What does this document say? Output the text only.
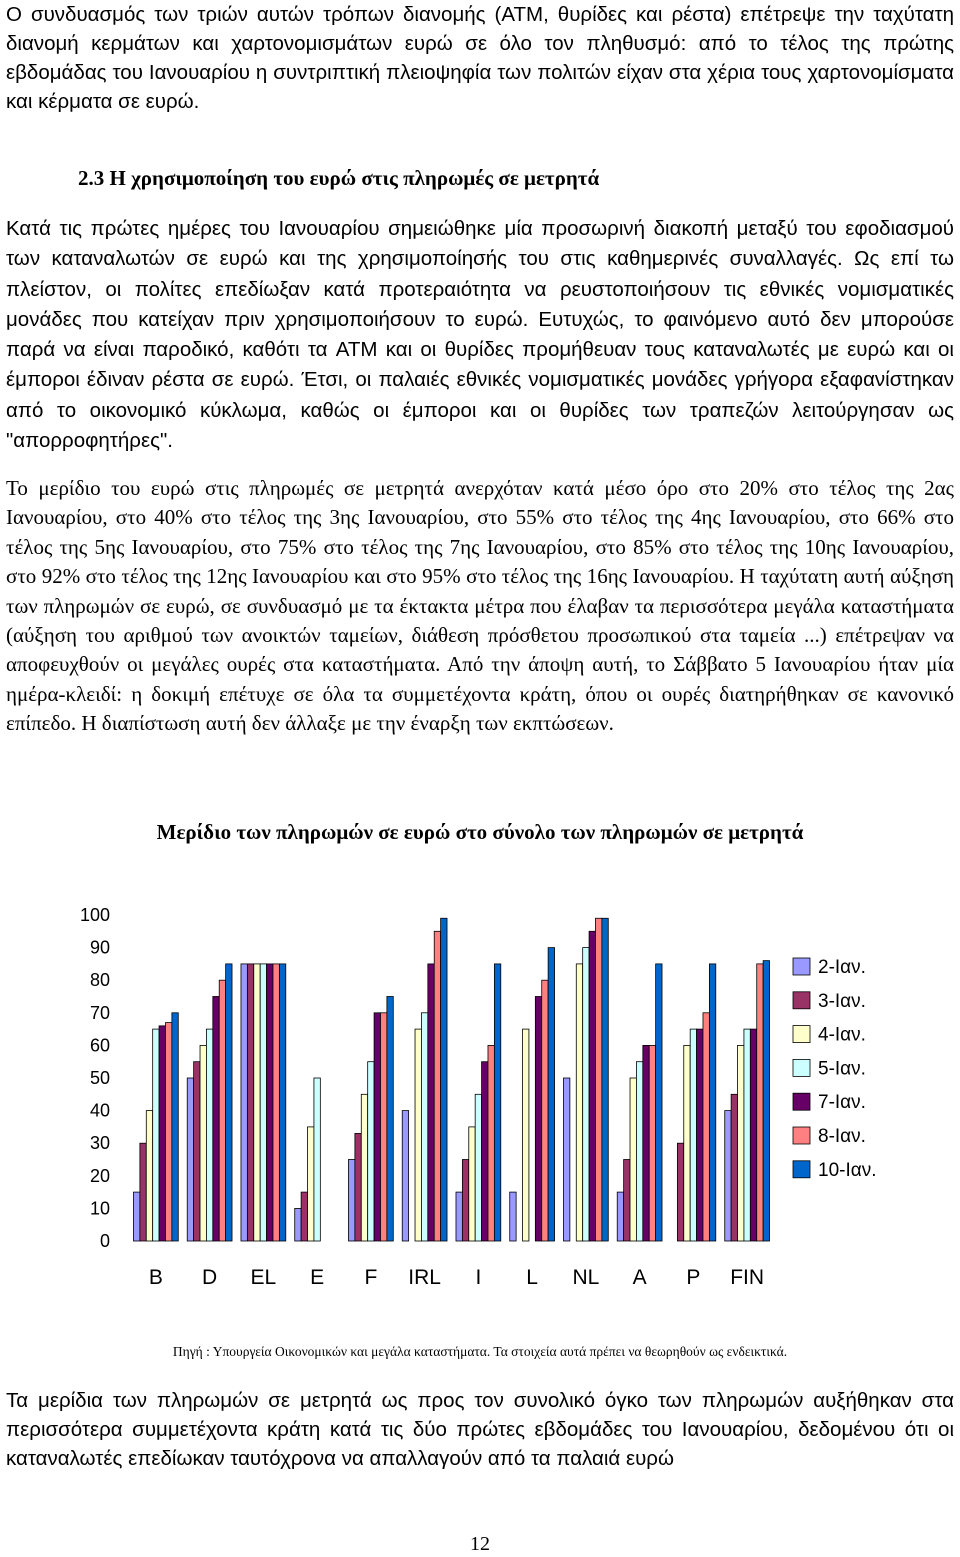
Ο συνδυασμός των τριών αυτών τρόπων διανομής (ATM, θυρίδες και ρέστα) επέτρεψε την ταχύτατη διανομή κερμάτων και χαρτονομισμάτων ευρώ σε όλο τον πληθυσμό: από το τέλος της πρώτης εβδομάδας του Ιανουαρίου η συντριπτική πλειοψηφία των πολιτών είχαν στα χέρια τους χαρτονομίσματα και κέρματα σε ευρώ.

2.3 Η χρησιμοποίηση του ευρώ στις πληρωμές σε μετρητά

Κατά τις πρώτες ημέρες του Ιανουαρίου σημειώθηκε μία προσωρινή διακοπή μεταξύ του εφοδιασμού των καταναλωτών σε ευρώ και της χρησιμοποίησής του στις καθημερινές συναλλαγές. Ως επί τω πλείστον, οι πολίτες επεδίωξαν κατά προτεραιότητα να ρευστοποιήσουν τις εθνικές νομισματικές μονάδες που κατείχαν πριν χρησιμοποιήσουν το ευρώ. Ευτυχώς, το φαινόμενο αυτό δεν μπορούσε παρά να είναι παροδικό, καθότι τα ATM και οι θυρίδες προμήθευαν τους καταναλωτές με ευρώ και οι έμποροι έδιναν ρέστα σε ευρώ. Έτσι, οι παλαιές εθνικές νομισματικές μονάδες γρήγορα εξαφανίστηκαν από το οικονομικό κύκλωμα, καθώς οι έμποροι και οι θυρίδες των τραπεζών λειτούργησαν ως "απορροφητήρες".

Το μερίδιο του ευρώ στις πληρωμές σε μετρητά ανερχόταν κατά μέσο όρο στο 20% στο τέλος της 2ας Ιανουαρίου, στο 40% στο τέλος της 3ης Ιανουαρίου, στο 55% στο τέλος της 4ης Ιανουαρίου, στο 66% στο τέλος της 5ης Ιανουαρίου, στο 75% στο τέλος της 7ης Ιανουαρίου, στο 85% στο τέλος της 10ης Ιανουαρίου, στο 92% στο τέλος της 12ης Ιανουαρίου και στο 95% στο τέλος της 16ης Ιανουαρίου. Η ταχύτατη αυτή αύξηση των πληρωμών σε ευρώ, σε συνδυασμό με τα έκτακτα μέτρα που έλαβαν τα περισσότερα μεγάλα καταστήματα (αύξηση του αριθμού των ανοικτών ταμείων, διάθεση πρόσθετου προσωπικού στα ταμεία ...) επέτρεψαν να αποφευχθούν οι μεγάλες ουρές στα καταστήματα. Από την άποψη αυτή, το Σάββατο 5 Ιανουαρίου ήταν μία ημέρα-κλειδί: η δοκιμή επέτυχε σε όλα τα συμμετέχοντα κράτη, όπου οι ουρές διατηρήθηκαν σε κανονικό επίπεδο. Η διαπίστωση αυτή δεν άλλαξε με την έναρξη των εκπτώσεων.

Μερίδιο των πληρωμών σε ευρώ στο σύνολο των πληρωμών σε μετρητά
0
10
20
30
40
50
60
70
80
90
100
B D EL E F IRL I L NL A P FIN
2-Ιαν.
3-Ιαν.
4-Ιαν.
5-Ιαν.
7-Ιαν.
8-Ιαν.
10-Ιαν.

Πηγή : Υπουργεία Οικονομικών και μεγάλα καταστήματα. Τα στοιχεία αυτά πρέπει να θεωρηθούν ως ενδεικτικά.

Τα μερίδια των πληρωμών σε μετρητά ως προς τον συνολικό όγκο των πληρωμών αυξήθηκαν στα περισσότερα συμμετέχοντα κράτη κατά τις δύο πρώτες εβδομάδες του Ιανουαρίου, δεδομένου ότι οι καταναλωτές επεδίωκαν ταυτόχρονα να απαλλαγούν από τα παλαιά ευρώ

12
